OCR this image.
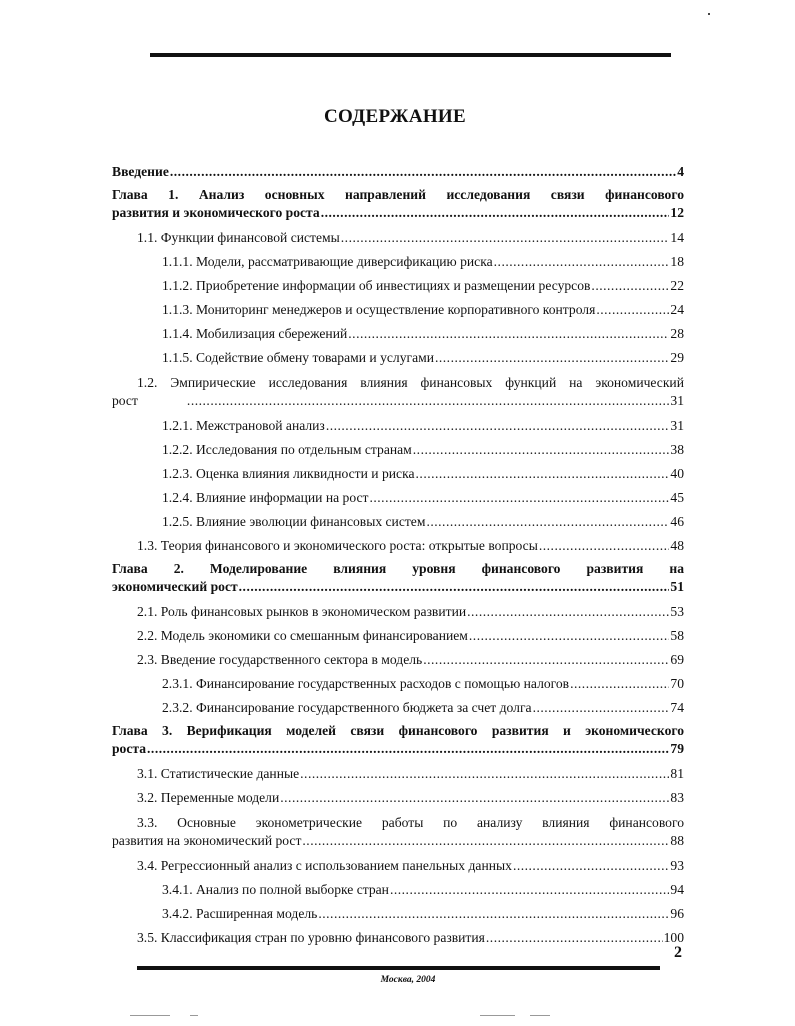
СОДЕРЖАНИЕ
Введение .....	4
Глава 1. Анализ основных направлений исследования связи финансового
развития и экономического роста .....	12
1.1. Функции финансовой системы .....	14
1.1.1. Модели, рассматривающие диверсификацию риска .....	18
1.1.2. Приобретение информации об инвестициях и размещении ресурсов .....	22
1.1.3. Мониторинг менеджеров и осуществление корпоративного контроля .....	24
1.1.4. Мобилизация сбережений .....	28
1.1.5. Содействие обмену товарами и услугами .....	29
1.2. Эмпирические исследования влияния финансовых функций на экономический
рост .....	31
1.2.1. Межстрановой анализ .....	31
1.2.2. Исследования по отдельным странам .....	38
1.2.3. Оценка влияния ликвидности и риска .....	40
1.2.4. Влияние информации на рост .....	45
1.2.5. Влияние эволюции финансовых систем .....	46
1.3. Теория финансового и экономического роста: открытые вопросы .....	48
Глава 2. Моделирование влияния уровня финансового развития на
экономический рост .....	51
2.1. Роль финансовых рынков в экономическом развитии .....	53
2.2. Модель экономики со смешанным финансированием .....	58
2.3. Введение государственного сектора в модель .....	69
2.3.1. Финансирование государственных расходов с помощью налогов .....	70
2.3.2. Финансирование государственного бюджета за счет долга .....	74
Глава 3. Верификация моделей связи финансового развития и экономического
роста .....	79
3.1. Статистические данные .....	81
3.2. Переменные модели .....	83
3.3. Основные эконометрические работы по анализу влияния финансового
развития на экономический рост .....	88
3.4. Регрессионный анализ с использованием панельных данных .....	93
3.4.1. Анализ по полной выборке стран .....	94
3.4.2. Расширенная модель .....	96
3.5. Классификация стран по уровню финансового развития .....	100
2
Москва, 2004
